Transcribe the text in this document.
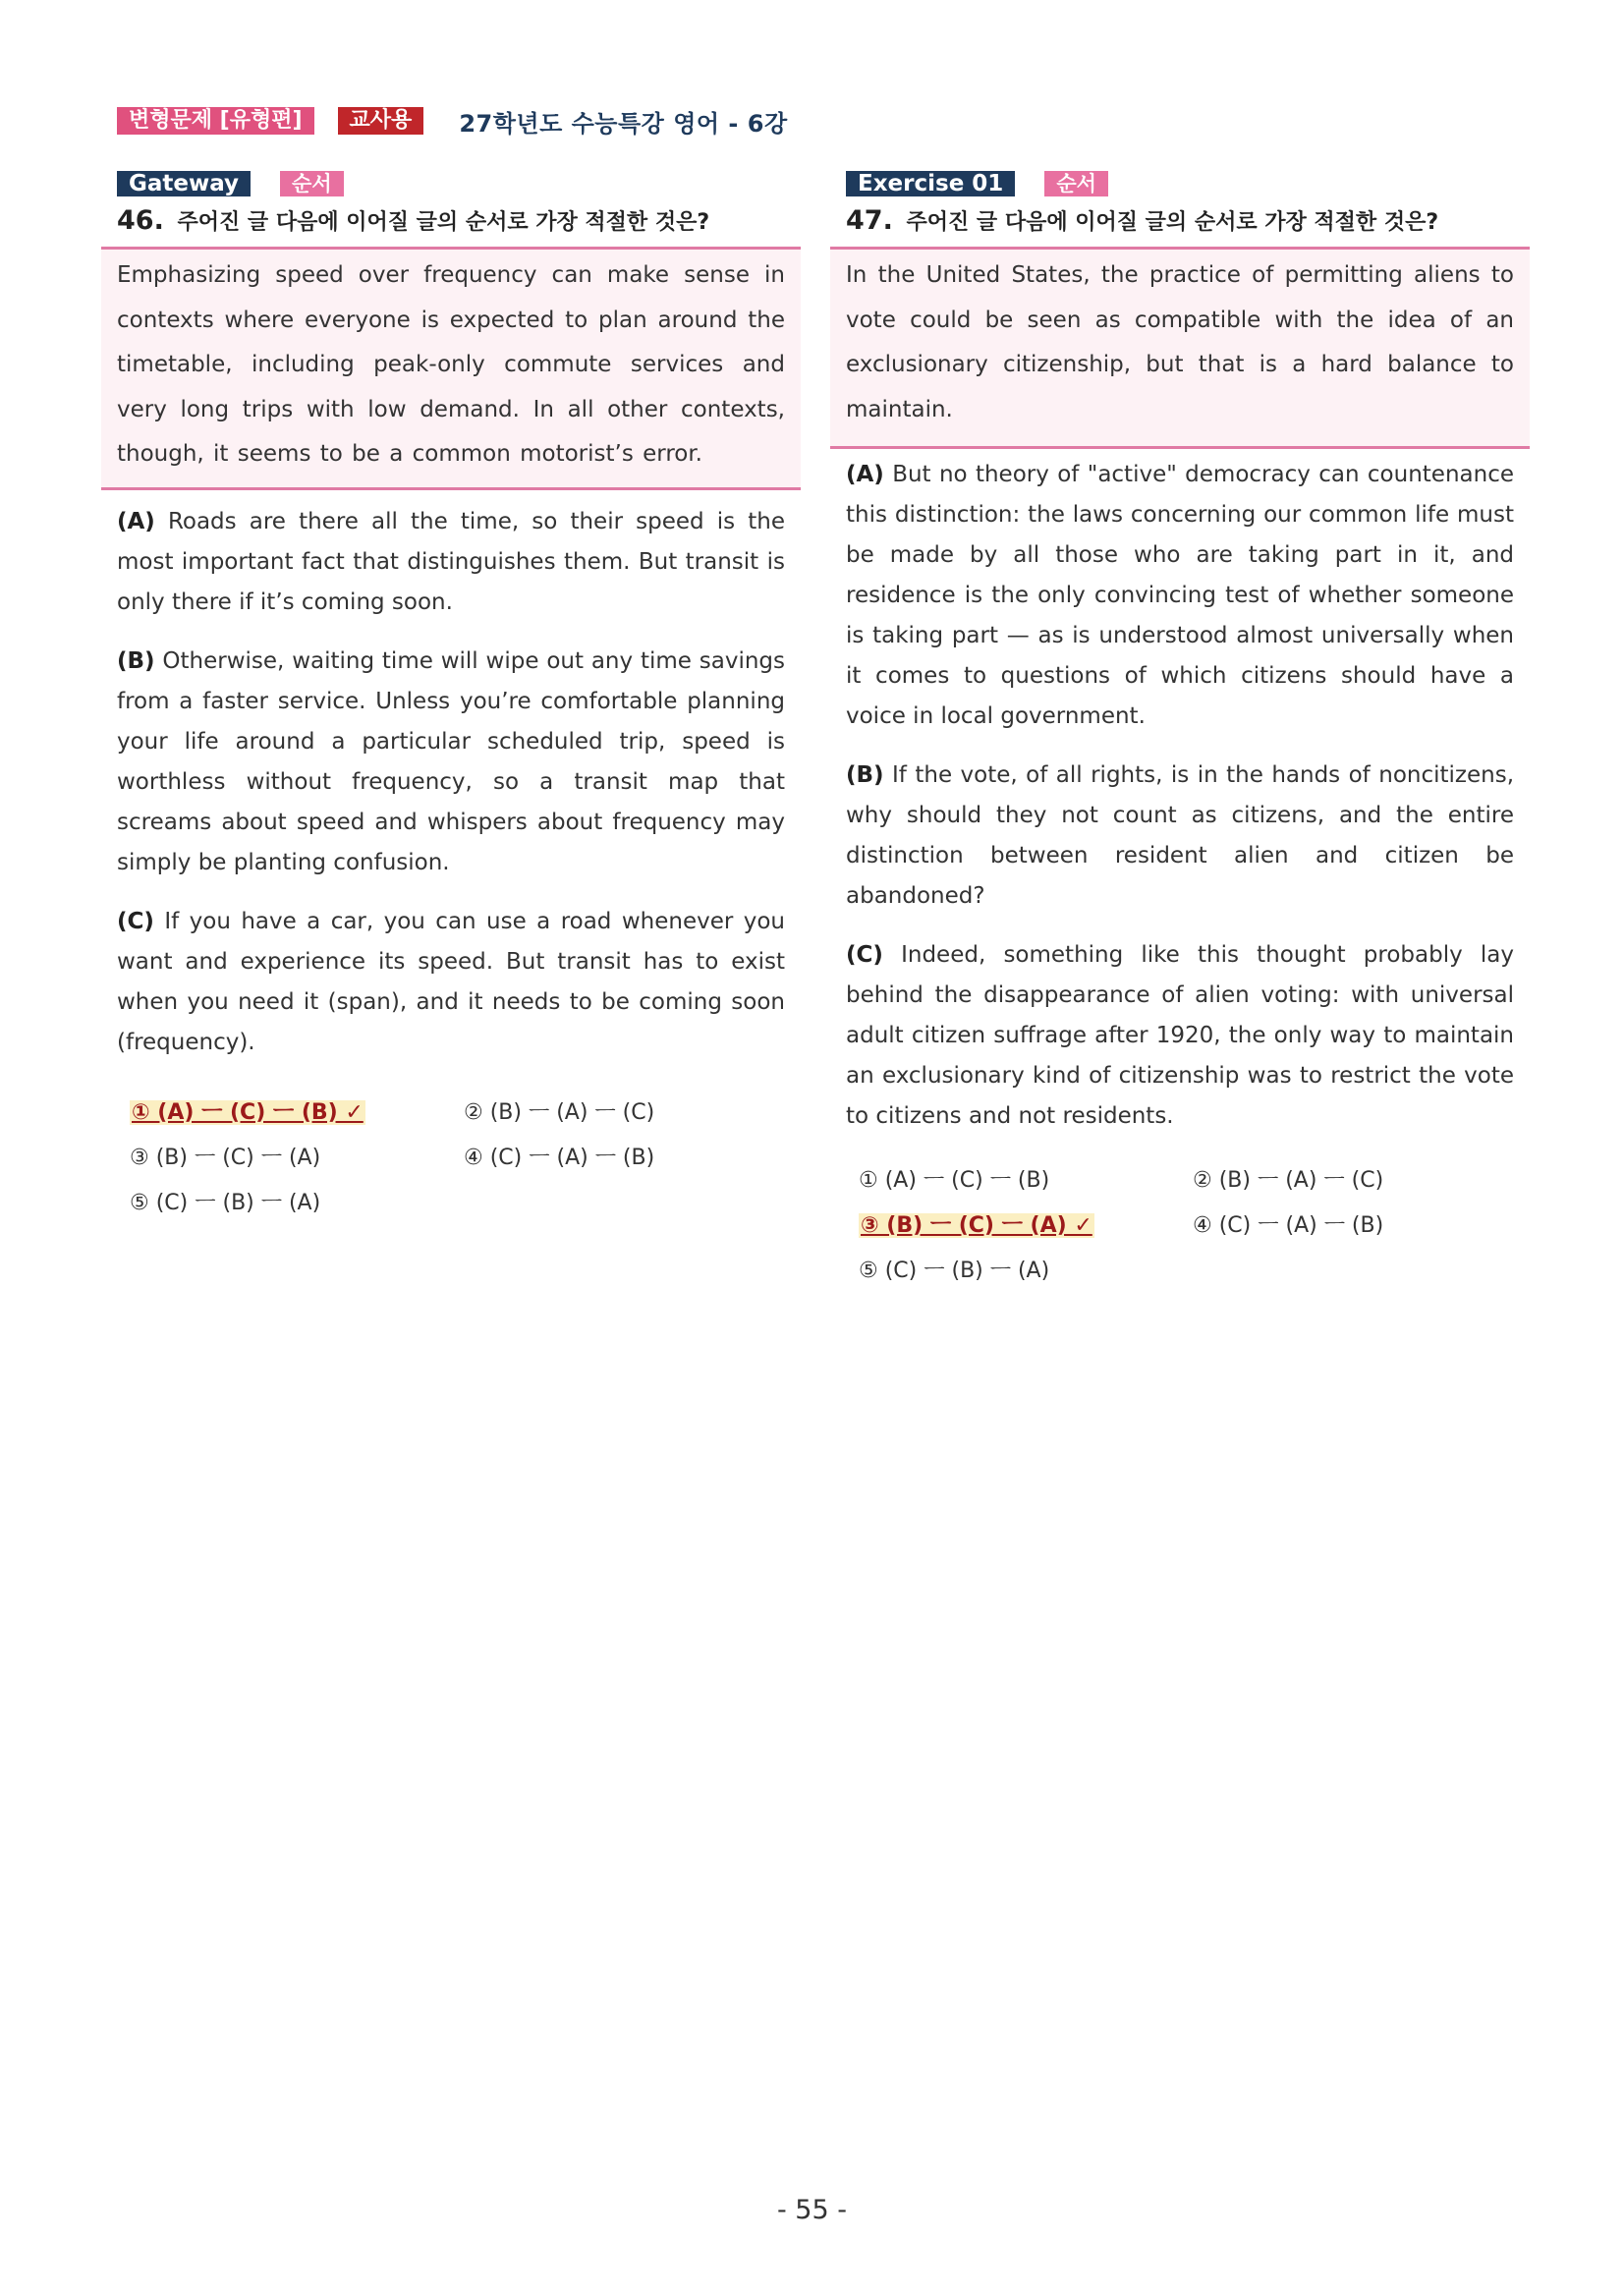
변형문제 [유형편]	교사용	27학년도 수능특강 영어 - 6강
Gateway	순서
46. 주어진 글 다음에 이어질 글의 순서로 가장 적절한 것은?

Emphasizing speed over frequency can make sense in contexts where everyone is expected to plan around the timetable, including peak-only commute services and very long trips with low demand. In all other contexts, though, it seems to be a common motorist’s error.

(A) Roads are there all the time, so their speed is the most important fact that distinguishes them. But transit is only there if it’s coming soon.

(B) Otherwise, waiting time will wipe out any time savings from a faster service. Unless you’re comfortable planning your life around a particular scheduled trip, speed is worthless without frequency, so a transit map that screams about speed and whispers about frequency may simply be planting confusion.

(C) If you have a car, you can use a road whenever you want and experience its speed. But transit has to exist when you need it (span), and it needs to be coming soon (frequency).

① (A) ㅡ (C) ㅡ (B) ✓	② (B) ㅡ (A) ㅡ (C)
③ (B) ㅡ (C) ㅡ (A)	④ (C) ㅡ (A) ㅡ (B)
⑤ (C) ㅡ (B) ㅡ (A)
Exercise 01	순서
47. 주어진 글 다음에 이어질 글의 순서로 가장 적절한 것은?

In the United States, the practice of permitting aliens to vote could be seen as compatible with the idea of an exclusionary citizenship, but that is a hard balance to maintain.

(A) But no theory of "active" democracy can countenance this distinction: the laws concerning our common life must be made by all those who are taking part in it, and residence is the only convincing test of whether someone is taking part — as is understood almost universally when it comes to questions of which citizens should have a voice in local government.

(B) If the vote, of all rights, is in the hands of noncitizens, why should they not count as citizens, and the entire distinction between resident alien and citizen be abandoned?

(C) Indeed, something like this thought probably lay behind the disappearance of alien voting: with universal adult citizen suffrage after 1920, the only way to maintain an exclusionary kind of citizenship was to restrict the vote to citizens and not residents.

① (A) ㅡ (C) ㅡ (B)	② (B) ㅡ (A) ㅡ (C)
③ (B) ㅡ (C) ㅡ (A) ✓	④ (C) ㅡ (A) ㅡ (B)
⑤ (C) ㅡ (B) ㅡ (A)
- 55 -
